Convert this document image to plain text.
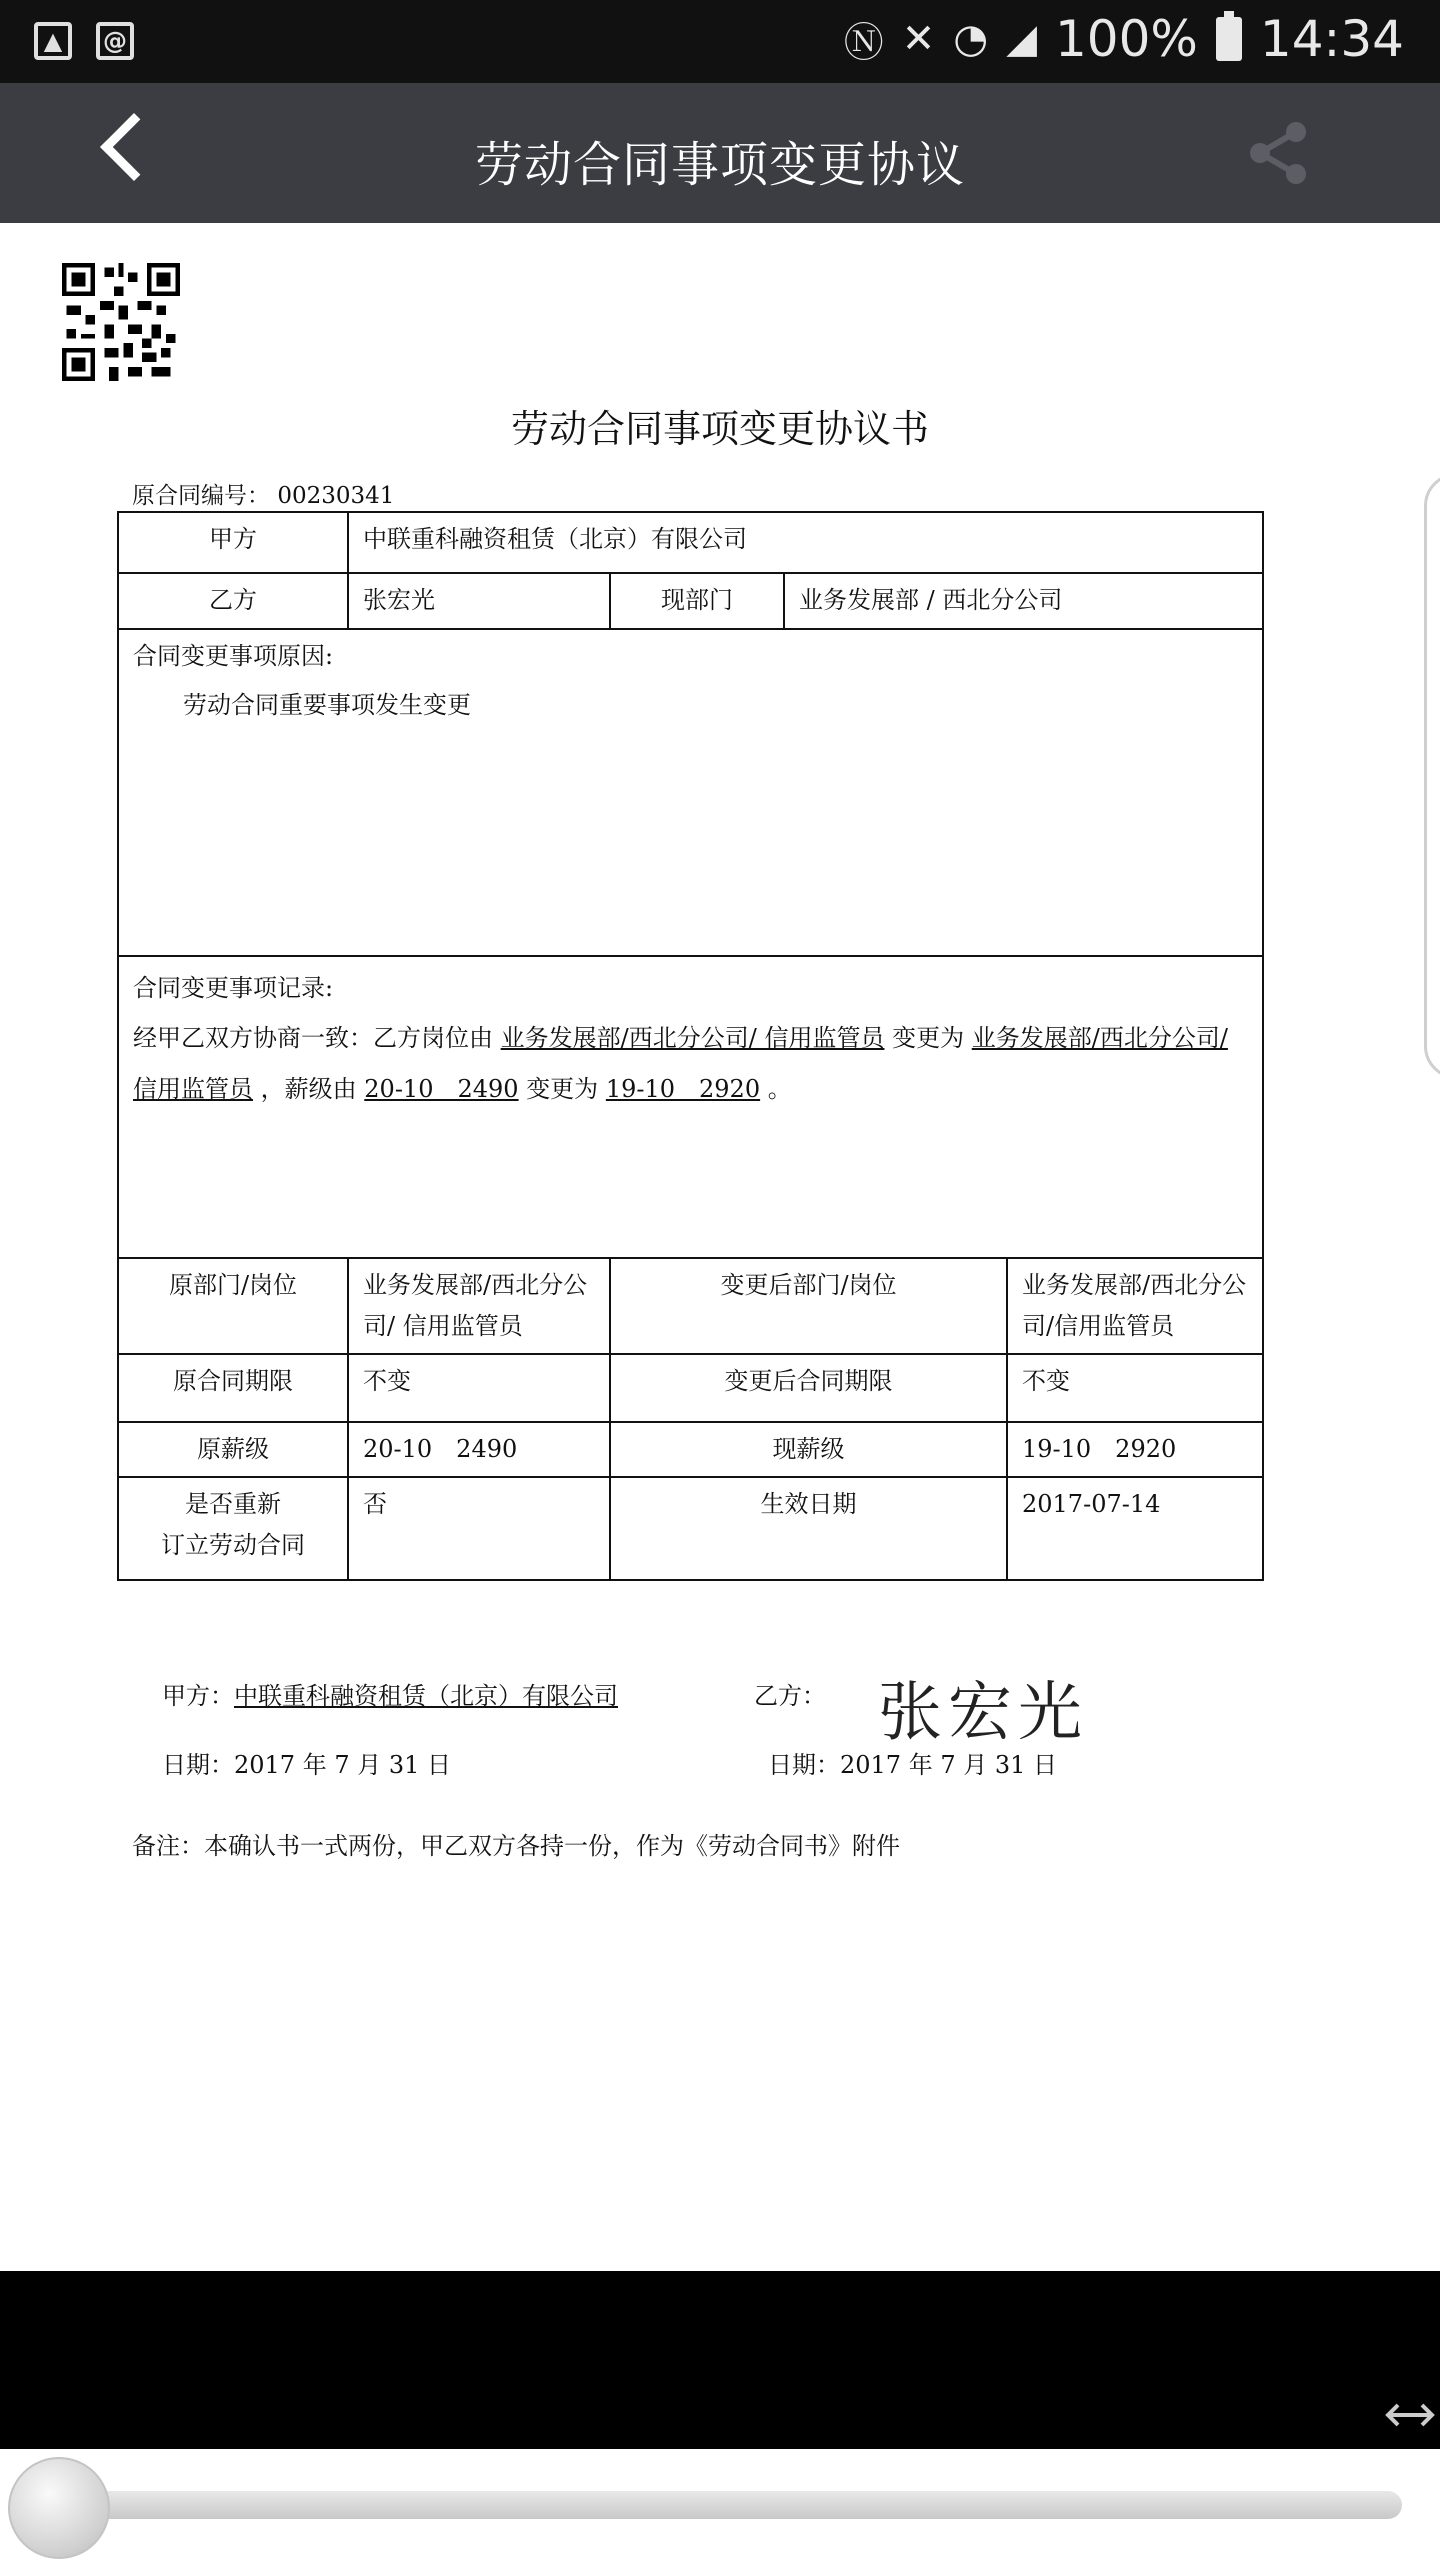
▲	@	Ⓝ ✕ ◔ ◢ 100% 14:34
劳动合同事项变更协议
劳动合同事项变更协议书
原合同编号： 00230341
甲方	中联重科融资租赁（北京）有限公司			
乙方	张宏光	现部门	业务发展部 / 西北分公司	

合同变更事项原因:
劳动合同重要事项发生变更				

合同变更事项记录:
经甲乙双方协商一致：乙方岗位由 业务发展部/西北分公司/ 信用监管员 变更为 业务发展部/西北分公司/ 信用监管员 ，薪级由 20-10　2490 变更为 19-10　2920 。				

原部门/岗位	业务发展部/西北分公司/ 信用监管员	变更后部门/岗位		业务发展部/西北分公司/信用监管员
原合同期限	不变	变更后合同期限		不变
原薪级	20-10　2490	现薪级		19-10　2920

是否重新
订立劳动合同	否	生效日期		2017-07-14
甲方：中联重科融资租赁（北京）有限公司	乙方： 张宏光
日期：2017 年 7 月 31 日	日期：2017 年 7 月 31 日
备注：本确认书一式两份，甲乙双方各持一份，作为《劳动合同书》附件
